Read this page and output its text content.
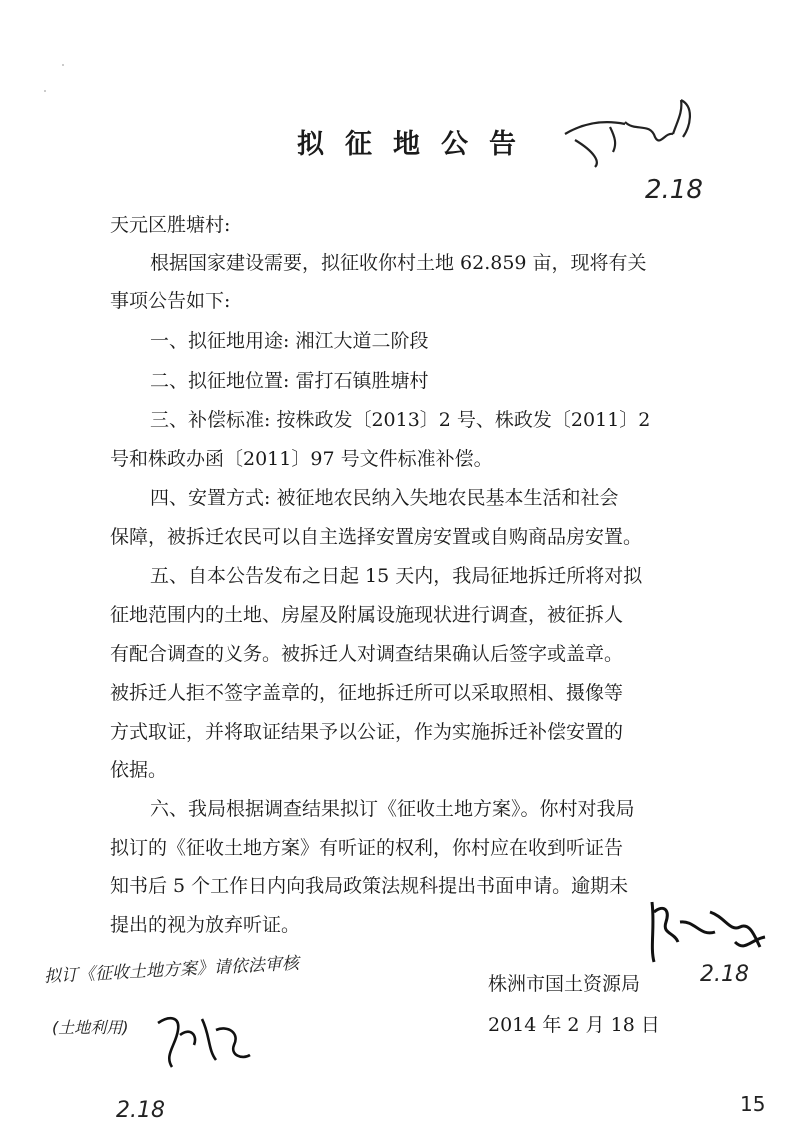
拟征地公告
2.18
天元区胜塘村:
根据国家建设需要，拟征收你村土地 62.859 亩，现将有关
事项公告如下:
一、拟征地用途: 湘江大道二阶段
二、拟征地位置: 雷打石镇胜塘村
三、补偿标准: 按株政发〔2013〕2 号、株政发〔2011〕2
号和株政办函〔2011〕97 号文件标准补偿。
四、安置方式: 被征地农民纳入失地农民基本生活和社会
保障，被拆迁农民可以自主选择安置房安置或自购商品房安置。
五、自本公告发布之日起 15 天内，我局征地拆迁所将对拟
征地范围内的土地、房屋及附属设施现状进行调查，被征拆人
有配合调查的义务。被拆迁人对调查结果确认后签字或盖章。
被拆迁人拒不签字盖章的，征地拆迁所可以采取照相、摄像等
方式取证，并将取证结果予以公证，作为实施拆迁补偿安置的
依据。
六、我局根据调查结果拟订《征收土地方案》。你村对我局
拟订的《征收土地方案》有听证的权利，你村应在收到听证告
知书后 5 个工作日内向我局政策法规科提出书面申请。逾期未
提出的视为放弃听证。
2.18
株洲市国土资源局
2014 年 2 月 18 日
拟订《征收土地方案》请依法审核
(土地利用)
2.18	15
